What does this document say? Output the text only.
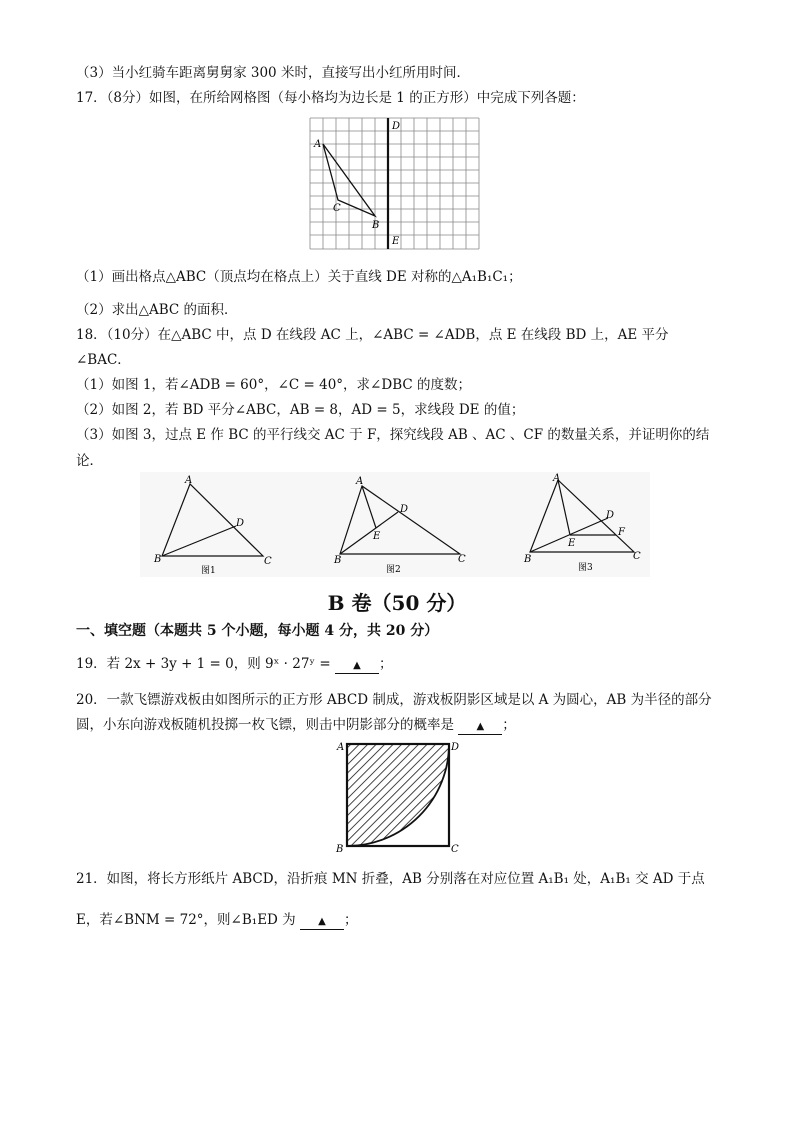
（3）当小红骑车距离舅舅家 300 米时，直接写出小红所用时间．
17．（8分）如图，在所给网格图（每小格均为边长是 1 的正方形）中完成下列各题：
A
B
C
D
E
（1）画出格点△ABC（顶点均在格点上）关于直线 DE 对称的△A₁B₁C₁；
（2）求出△ABC 的面积．
18．（10分）在△ABC 中，点 D 在线段 AC 上，∠ABC = ∠ADB，点 E 在线段 BD 上，AE 平分
∠BAC．
（1）如图 1，若∠ADB = 60°，∠C = 40°，求∠DBC 的度数；
（2）如图 2，若 BD 平分∠ABC，AB = 8，AD = 5，求线段 DE 的值；
（3）如图 3，过点 E 作 BC 的平行线交 AC 于 F，探究线段 AB 、AC 、CF 的数量关系，并证明你的结
论．
A
B	C
D
图1
A
B	C
D
E
图2
A
B	C
D
E
F
图3
B 卷（50 分）
一、填空题（本题共 5 个小题，每小题 4 分，共 20 分）
19．若 2x + 3y + 1 = 0，则 9ˣ · 27ʸ = ▲ ；
20．一款飞镖游戏板由如图所示的正方形 ABCD 制成，游戏板阴影区域是以 A 为圆心，AB 为半径的部分
圆，小东向游戏板随机投掷一枚飞镖，则击中阴影部分的概率是 ▲ ；
A
B	C
D
21．如图，将长方形纸片 ABCD，沿折痕 MN 折叠，AB 分别落在对应位置 A₁B₁ 处，A₁B₁ 交 AD 于点
E，若∠BNM = 72°，则∠B₁ED 为 ▲ ；
